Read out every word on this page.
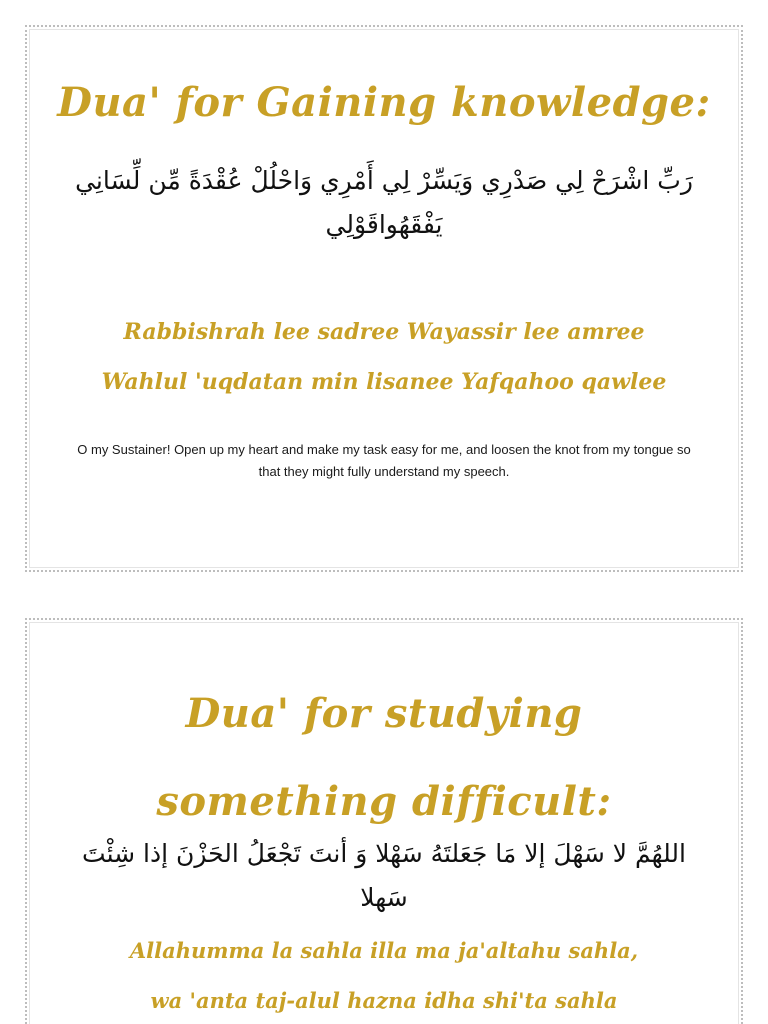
Dua' for Gaining knowledge:

رَبِّ اشْرَحْ لِي صَدْرِي وَيَسِّرْ لِي أَمْرِي وَاحْلُلْ عُقْدَةً مِّن لِّسَانِي يَفْقَهُواقَوْلِي

Rabbishrah lee sadree Wayassir lee amree
Wahlul 'uqdatan min lisanee Yafqahoo qawlee

O my Sustainer! Open up my heart and make my task easy for me, and loosen the knot from my tongue so that they might fully understand my speech.

Dua' for studying
something difficult:

اللهُمَّ لا سَهْلَ إلا مَا جَعَلتَهُ سَهْلا وَ أنتَ تَجْعَلُ الحَزْنَ إذا شِئْتَ سَهلا

Allahumma la sahla illa ma ja'altahu sahla,
wa 'anta taj-alul hazna idha shi'ta sahla
